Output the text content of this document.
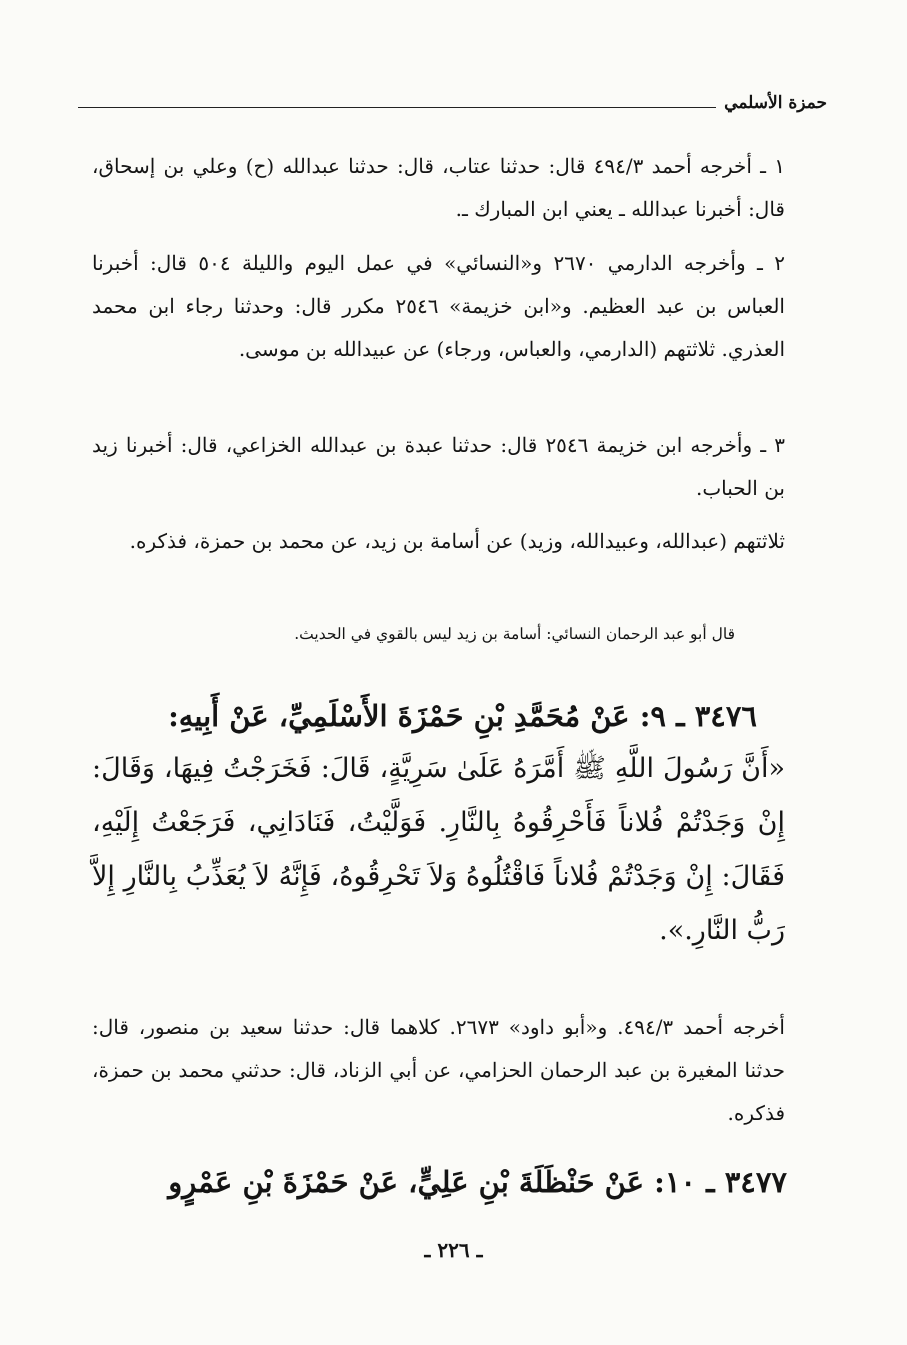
حمزة الأسلمي

١ ـ أخرجه أحمد ٤٩٤/٣ قال: حدثنا عتاب، قال: حدثنا عبدالله (ح) وعلي بن إسحاق، قال: أخبرنا عبدالله ـ يعني ابن المبارك ـ.

٢ ـ وأخرجه الدارمي ٢٦٧٠ و«النسائي» في عمل اليوم والليلة ٥٠٤ قال: أخبرنا العباس بن عبد العظيم. و«ابن خزيمة» ٢٥٤٦ مكرر قال: وحدثنا رجاء ابن محمد العذري. ثلاثتهم (الدارمي، والعباس، ورجاء) عن عبيدالله بن موسى.

٣ ـ وأخرجه ابن خزيمة ٢٥٤٦ قال: حدثنا عبدة بن عبدالله الخزاعي، قال: أخبرنا زيد بن الحباب.

ثلاثتهم (عبدالله، وعبيدالله، وزيد) عن أسامة بن زيد، عن محمد بن حمزة، فذكره.

قال أبو عبد الرحمان النسائي: أسامة بن زيد ليس بالقوي في الحديث.
٣٤٧٦ ـ ٩: عَنْ مُحَمَّدِ بْنِ حَمْزَةَ الأَسْلَمِيِّ، عَنْ أَبِيهِ:

«أَنَّ رَسُولَ اللَّهِ ﷺ أَمَّرَهُ عَلَىٰ سَرِيَّةٍ، قَالَ: فَخَرَجْتُ فِيهَا، وَقَالَ: إِنْ وَجَدْتُمْ فُلاناً فَأَحْرِقُوهُ بِالنَّارِ. فَوَلَّيْتُ، فَنَادَانِي، فَرَجَعْتُ إِلَيْهِ، فَقَالَ: إِنْ وَجَدْتُمْ فُلاناً فَاقْتُلُوهُ وَلاَ تَحْرِقُوهُ، فَإِنَّهُ لاَ يُعَذِّبُ بِالنَّارِ إِلاَّ رَبُّ النَّارِ.».

أخرجه أحمد ٤٩٤/٣. و«أبو داود» ٢٦٧٣. كلاهما قال: حدثنا سعيد بن منصور، قال: حدثنا المغيرة بن عبد الرحمان الحزامي، عن أبي الزناد، قال: حدثني محمد بن حمزة، فذكره.

٣٤٧٧ ـ ١٠: عَنْ حَنْظَلَةَ بْنِ عَلِيٍّ، عَنْ حَمْزَةَ بْنِ عَمْرٍو
ـ ٢٢٦ ـ
